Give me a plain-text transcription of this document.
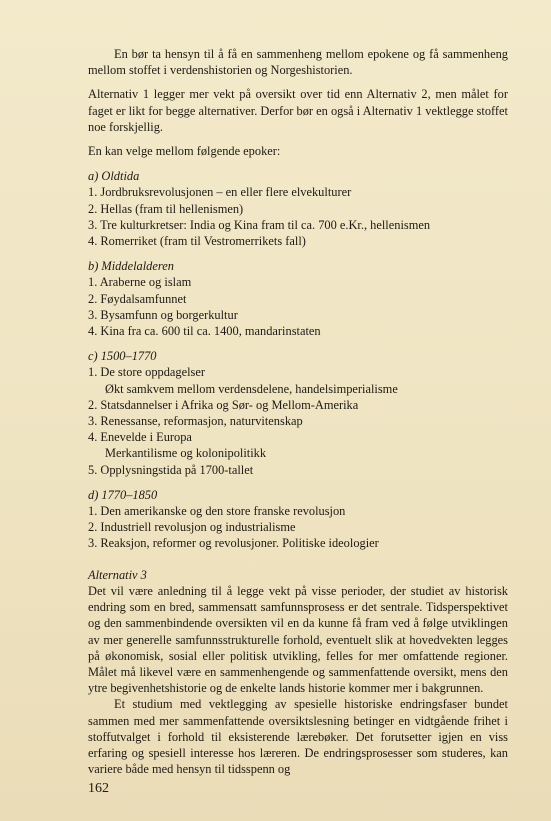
En bør ta hensyn til å få en sammenheng mellom epokene og få sammenheng mellom stoffet i verdenshistorien og Norgeshistorien.

Alternativ 1 legger mer vekt på oversikt over tid enn Alternativ 2, men målet for faget er likt for begge alternativer. Derfor bør en også i Alternativ 1 vektlegge stoffet noe forskjellig.

En kan velge mellom følgende epoker:

a) Oldtida

1. Jordbruksrevolusjonen – en eller flere elvekulturer

2. Hellas (fram til hellenismen)

3. Tre kulturkretser: India og Kina fram til ca. 700 e.Kr., hellenismen

4. Romerriket (fram til Vestromerrikets fall)

b) Middelalderen

1. Araberne og islam

2. Føydalsamfunnet

3. Bysamfunn og borgerkultur

4. Kina fra ca. 600 til ca. 1400, mandarinstaten

c) 1500–1770

1. De store oppdagelser

Økt samkvem mellom verdensdelene, handelsimperialisme

2. Statsdannelser i Afrika og Sør- og Mellom-Amerika

3. Renessanse, reformasjon, naturvitenskap

4. Enevelde i Europa

Merkantilisme og kolonipolitikk

5. Opplysningstida på 1700-tallet

d) 1770–1850

1. Den amerikanske og den store franske revolusjon

2. Industriell revolusjon og industrialisme

3. Reaksjon, reformer og revolusjoner. Politiske ideologier

Alternativ 3

Det vil være anledning til å legge vekt på visse perioder, der studiet av historisk endring som en bred, sammensatt samfunnsprosess er det sentrale. Tidsperspektivet og den sammenbindende oversikten vil en da kunne få fram ved å følge utviklingen av mer generelle samfunnsstrukturelle forhold, eventuelt slik at hovedvekten legges på økonomisk, sosial eller politisk utvikling, felles for mer omfattende regioner. Målet må likevel være en sammenhengende og sammenfattende oversikt, mens den ytre begivenhetshistorie og de enkelte lands historie kommer mer i bakgrunnen.

Et studium med vektlegging av spesielle historiske endringsfaser bundet sammen med mer sammenfattende oversiktslesning betinger en vidtgående frihet i stoffutvalget i forhold til eksisterende lærebøker. Det forutsetter igjen en viss erfaring og spesiell interesse hos læreren. De endringsprosesser som studeres, kan variere både med hensyn til tidsspenn og

162
